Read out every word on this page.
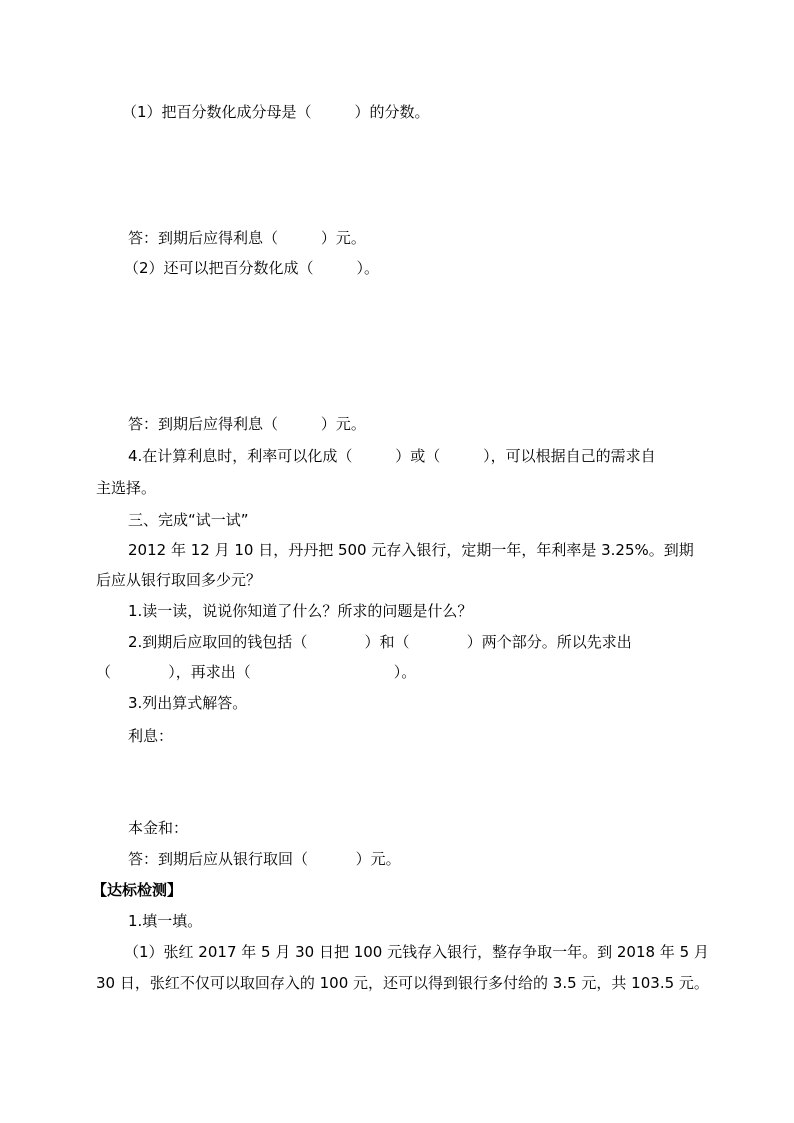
（1）把百分数化成分母是（         ）的分数。
答：到期后应得利息（         ）元。
（2）还可以把百分数化成（         ）。
答：到期后应得利息（         ）元。
4.在计算利息时，利率可以化成（         ）或（         ），可以根据自己的需求自
主选择。
三、完成“试一试”
2012 年 12 月 10 日，丹丹把 500 元存入银行，定期一年，年利率是 3.25%。到期
后应从银行取回多少元？
1.读一读，说说你知道了什么？所求的问题是什么？
2.到期后应取回的钱包括（            ）和（            ）两个部分。所以先求出
（            ），再求出（                              ）。
3.列出算式解答。
利息：
本金和：
答：到期后应从银行取回（          ）元。
【达标检测】
1.填一填。
（1）张红 2017 年 5 月 30 日把 100 元钱存入银行，整存争取一年。到 2018 年 5 月
30 日，张红不仅可以取回存入的 100 元，还可以得到银行多付给的 3.5 元，共 103.5 元。
